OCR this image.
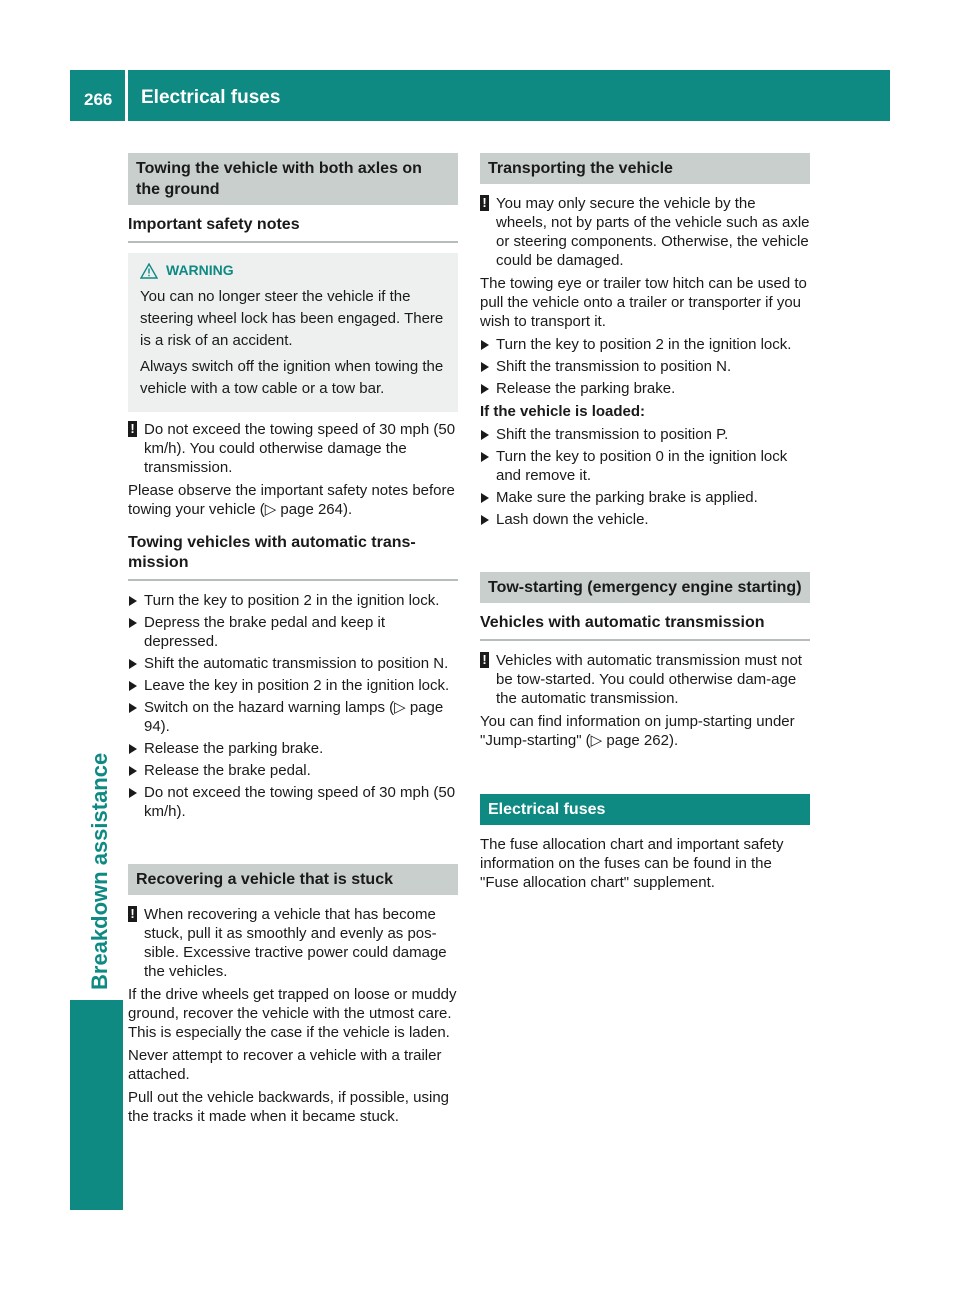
266 Electrical fuses
Breakdown assistance
Towing the vehicle with both axles on the ground
Important safety notes
WARNING

You can no longer steer the vehicle if the steering wheel lock has been engaged. There is a risk of an accident.

Always switch off the ignition when towing the vehicle with a tow cable or a tow bar.

! Do not exceed the towing speed of 30 mph (50 km/h). You could otherwise damage the transmission.

Please observe the important safety notes before towing your vehicle (▷ page 264).

Towing vehicles with automatic trans-mission
Turn the key to position 2 in the ignition lock.
Depress the brake pedal and keep it depressed.
Shift the automatic transmission to position N.
Leave the key in position 2 in the ignition lock.
Switch on the hazard warning lamps (▷ page 94).
Release the parking brake.
Release the brake pedal.
Do not exceed the towing speed of 30 mph (50 km/h).
Recovering a vehicle that is stuck
! When recovering a vehicle that has become stuck, pull it as smoothly and evenly as pos-sible. Excessive tractive power could damage the vehicles.

If the drive wheels get trapped on loose or muddy ground, recover the vehicle with the utmost care. This is especially the case if the vehicle is laden.

Never attempt to recover a vehicle with a trailer attached.

Pull out the vehicle backwards, if possible, using the tracks it made when it became stuck.

Transporting the vehicle
! You may only secure the vehicle by the wheels, not by parts of the vehicle such as axle or steering components. Otherwise, the vehicle could be damaged.

The towing eye or trailer tow hitch can be used to pull the vehicle onto a trailer or transporter if you wish to transport it.

Turn the key to position 2 in the ignition lock.
Shift the transmission to position N.
Release the parking brake.
If the vehicle is loaded:
Shift the transmission to position P.
Turn the key to position 0 in the ignition lock and remove it.
Make sure the parking brake is applied.
Lash down the vehicle.
Tow-starting (emergency engine starting)
Vehicles with automatic transmission
! Vehicles with automatic transmission must not be tow-started. You could otherwise dam-age the automatic transmission.

You can find information on jump-starting under "Jump-starting" (▷ page 262).

Electrical fuses

The fuse allocation chart and important safety information on the fuses can be found in the "Fuse allocation chart" supplement.
